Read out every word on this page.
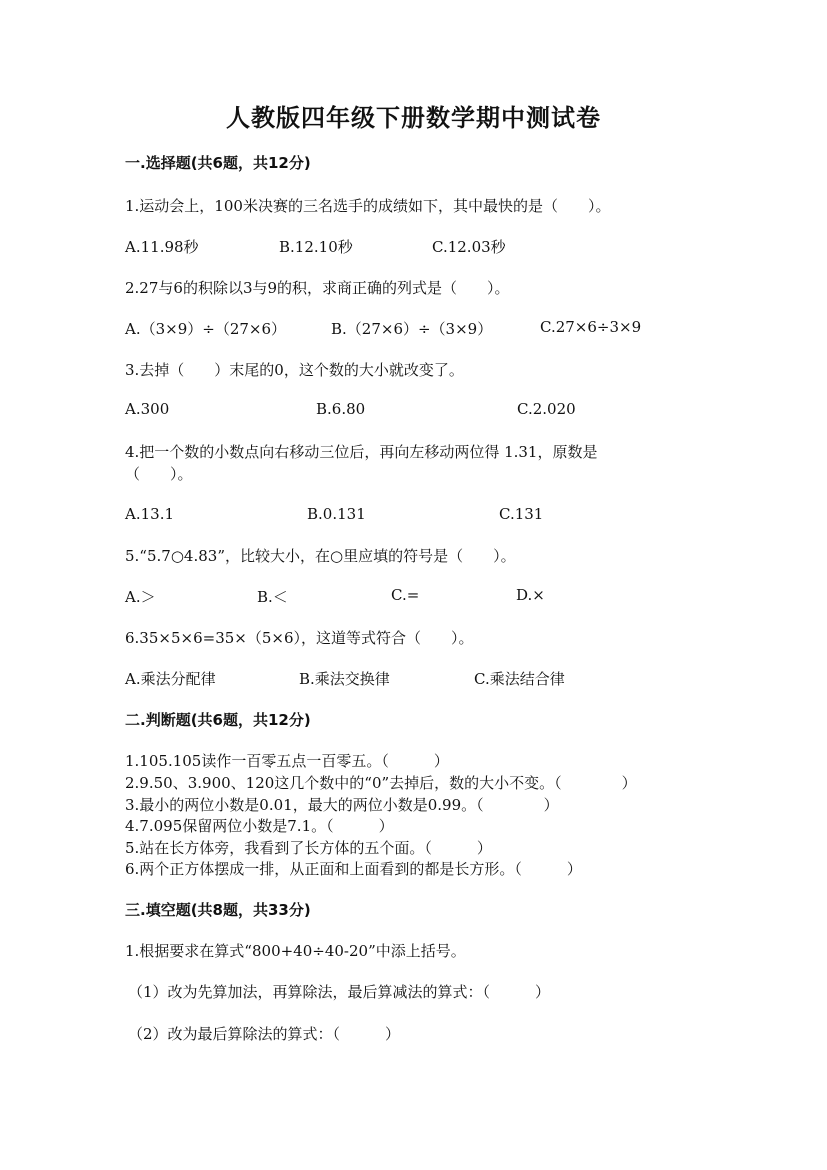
人教版四年级下册数学期中测试卷
一.选择题(共6题，共12分)
1.运动会上，100米决赛的三名选手的成绩如下，其中最快的是（　　）。
A.11.98秒	B.12.10秒	C.12.03秒
2.27与6的积除以3与9的积，求商正确的列式是（　　）。
A.（3×9）÷（27×6）	B.（27×6）÷（3×9）	C.27×6÷3×9
3.去掉（　　）末尾的0，这个数的大小就改变了。
A.300	B.6.80	C.2.020
4.把一个数的小数点向右移动三位后，再向左移动两位得 1.31，原数是
（　　）。
A.13.1	B.0.131	C.131
5.“5.7○4.83”，比较大小，在○里应填的符号是（　　）。
A.＞	B.＜	C.=	D.×
6.35×5×6=35×（5×6），这道等式符合（　　）。
A.乘法分配律	B.乘法交换律	C.乘法结合律
二.判断题(共6题，共12分)
1.105.105读作一百零五点一百零五。（　　　）
2.9.50、3.900、120这几个数中的“0”去掉后，数的大小不变。（　　　　）
3.最小的两位小数是0.01，最大的两位小数是0.99。（　　　　）
4.7.095保留两位小数是7.1。（　　　）
5.站在长方体旁，我看到了长方体的五个面。（　　　）
6.两个正方体摆成一排，从正面和上面看到的都是长方形。（　　　）
三.填空题(共8题，共33分)
1.根据要求在算式“800+40÷40-20”中添上括号。
（1）改为先算加法，再算除法，最后算减法的算式：（　　　）
（2）改为最后算除法的算式：（　　　）
